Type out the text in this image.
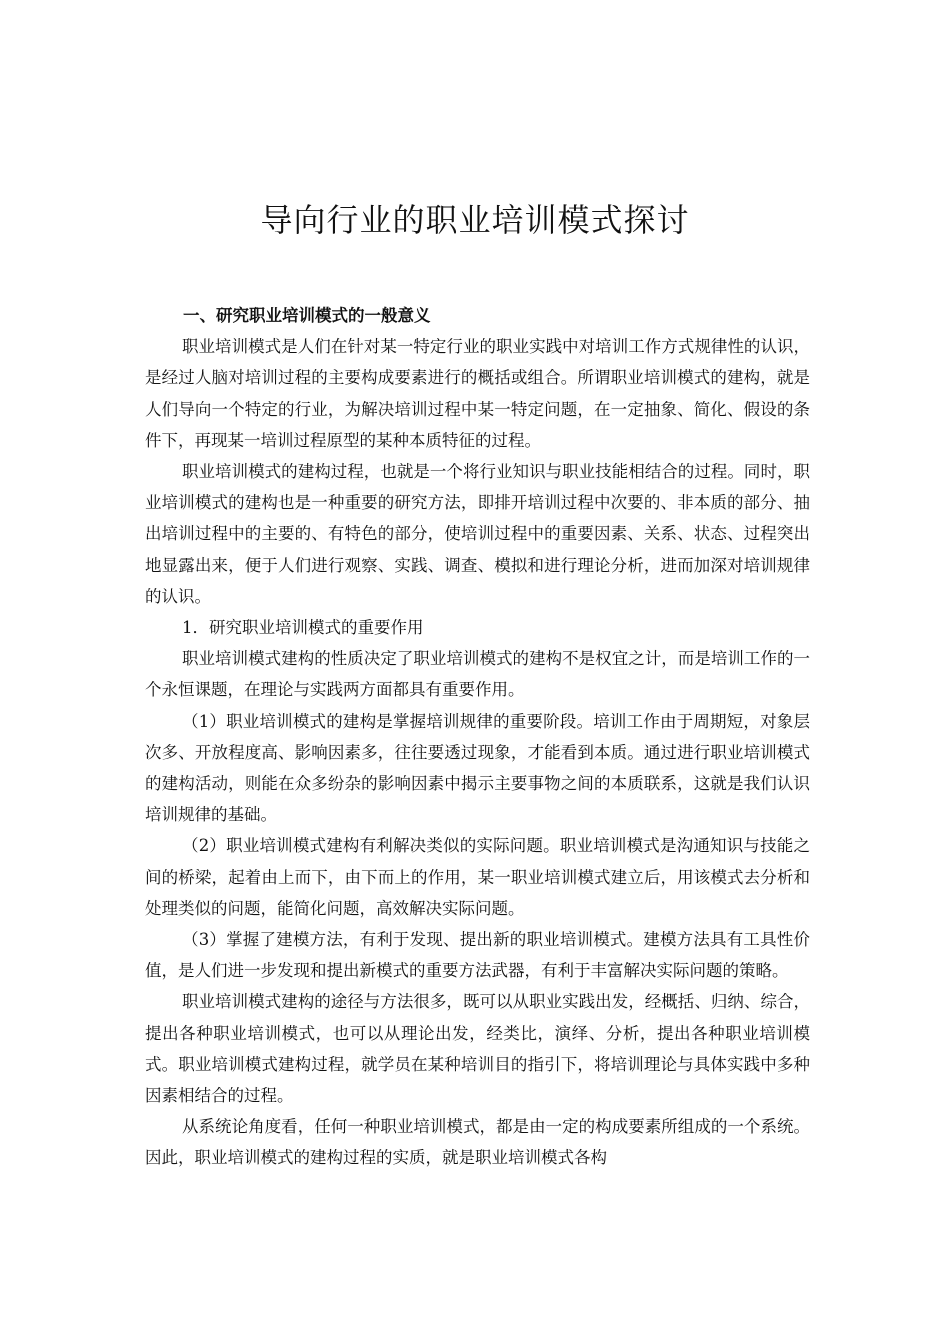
导向行业的职业培训模式探讨

一、研究职业培训模式的一般意义

职业培训模式是人们在针对某一特定行业的职业实践中对培训工作方式规律性的认识，是经过人脑对培训过程的主要构成要素进行的概括或组合。所谓职业培训模式的建构，就是人们导向一个特定的行业，为解决培训过程中某一特定问题，在一定抽象、简化、假设的条件下，再现某一培训过程原型的某种本质特征的过程。

职业培训模式的建构过程，也就是一个将行业知识与职业技能相结合的过程。同时，职业培训模式的建构也是一种重要的研究方法，即排开培训过程中次要的、非本质的部分、抽出培训过程中的主要的、有特色的部分，使培训过程中的重要因素、关系、状态、过程突出地显露出来，便于人们进行观察、实践、调查、模拟和进行理论分析，进而加深对培训规律的认识。

1．研究职业培训模式的重要作用

职业培训模式建构的性质决定了职业培训模式的建构不是权宜之计，而是培训工作的一个永恒课题，在理论与实践两方面都具有重要作用。

（1）职业培训模式的建构是掌握培训规律的重要阶段。培训工作由于周期短，对象层次多、开放程度高、影响因素多，往往要透过现象，才能看到本质。通过进行职业培训模式的建构活动，则能在众多纷杂的影响因素中揭示主要事物之间的本质联系，这就是我们认识培训规律的基础。

（2）职业培训模式建构有利解决类似的实际问题。职业培训模式是沟通知识与技能之间的桥梁，起着由上而下，由下而上的作用，某一职业培训模式建立后，用该模式去分析和处理类似的问题，能简化问题，高效解决实际问题。

（3）掌握了建模方法，有利于发现、提出新的职业培训模式。建模方法具有工具性价值，是人们进一步发现和提出新模式的重要方法武器，有利于丰富解决实际问题的策略。

职业培训模式建构的途径与方法很多，既可以从职业实践出发，经概括、归纳、综合，提出各种职业培训模式，也可以从理论出发，经类比，演绎、分析，提出各种职业培训模式。职业培训模式建构过程，就学员在某种培训目的指引下，将培训理论与具体实践中多种因素相结合的过程。

从系统论角度看，任何一种职业培训模式，都是由一定的构成要素所组成的一个系统。因此，职业培训模式的建构过程的实质，就是职业培训模式各构
